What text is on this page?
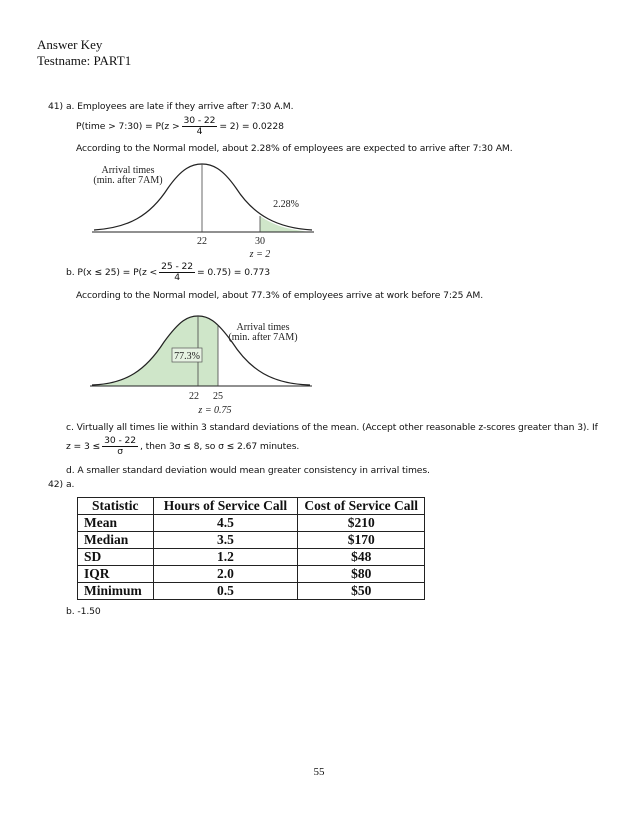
Answer Key
Testname: PART1
41) a. Employees are late if they arrive after 7:30 A.M.
P(time > 7:30) = $P(z > \frac{30 - 22}{4} = 2) = 0.0228$
According to the Normal model, about 2.28% of employees are expected to arrive after 7:30 AM.
Arrival times
(min. after 7AM)
2.28%
22	30
z = 2
b. $P(x \le 25) = P(z < \frac{25 - 22}{4} = 0.75) = 0.773$
According to the Normal model, about 77.3% of employees arrive at work before 7:25 AM.
77.3%
Arrival times
(min. after 7AM)
22 25
z = 0.75
c. Virtually all times lie within 3 standard deviations of the mean. (Accept other reasonable z-scores greater than 3). If
$z = 3 \le \frac{30 - 22}{\sigma}$ , then 3σ ≤ 8, so σ ≤ 2.67 minutes.
d. A smaller standard deviation would mean greater consistency in arrival times.
42) a.
Statistic	Hours of Service Call	Cost of Service Call
Mean	4.5	$210
Median	3.5	$170
SD	1.2	$48
IQR	2.0	$80
Minimum	0.5	$50
b. -1.50
55
